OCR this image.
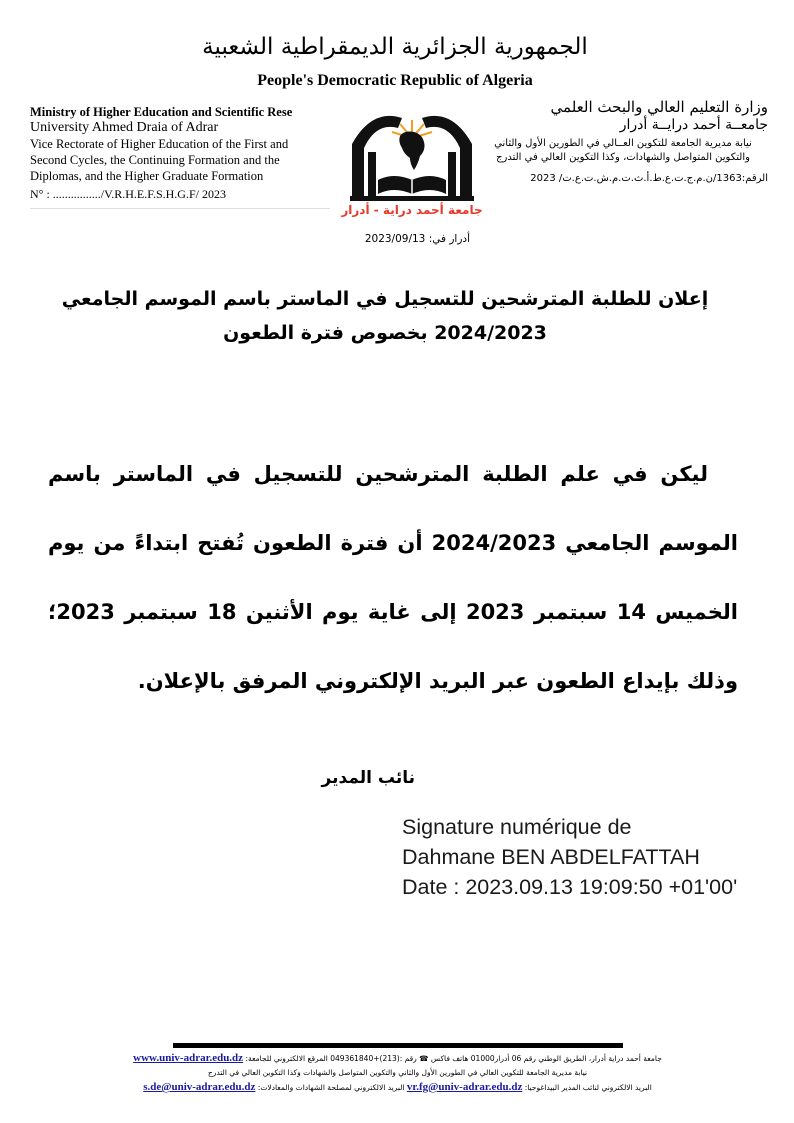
الجمهورية الجزائرية الديمقراطية الشعبية
People's Democratic Republic of Algeria
Ministry of Higher Education and Scientific Rese
University Ahmed Draia of Adrar
Vice Rectorate of Higher Education of the First and
Second Cycles, the Continuing Formation and the
Diplomas, and the Higher Graduate Formation
N° : ................/V.R.H.E.F.S.H.G.F/ 2023
جامعة أحمد دراية - أدرار
وزارة التعليم العالي والبحث العلمي
جامعــة أحمد درايــة أدرار
نيابة مديرية الجامعة للتكوين العــالي في الطورين الأول والثاني والتكوين المتواصل والشهادات، وكذا التكوين العالي في التدرج
الرقم:1363/ن.م.ج.ت.ع.ط.أ.ث.ت.م.ش.ت.ع.ت/ 2023
أدرار في: 2023/09/13
إعلان للطلبة المترشحين للتسجيل في الماستر باسم الموسم الجامعي
2024/2023 بخصوص فترة الطعون
ليكن في علم الطلبة المترشحين للتسجيل في الماستر باسم الموسم الجامعي 2024/2023 أن فترة الطعون تُفتح ابتداءً من يوم الخميس 14 سبتمبر 2023 إلى غاية يوم الأثنين 18 سبتمبر 2023؛ وذلك بإيداع الطعون عبر البريد الإلكتروني المرفق بالإعلان.
نائب المدير
Signature numérique de
Dahmane BEN ABDELFATTAH
Date : 2023.09.13 19:09:50 +01'00'
جامعة أحمد دراية أدرار، الطريق الوطني رقم 06 أدرار01000 هاتف فاكس ☎ رقم :(213)+049361840 المرقع الالكتروني للجامعة: www.univ-adrar.edu.dz
نيابة مديرية الجامعة للتكوين العالي في الطورين الأول والثاني والتكوين المتواصل والشهادات وكذا التكوين العالي في التدرج
البريد الالكتروني لنائب المدير البيداغوجيا: vr.fg@univ-adrar.edu.dz البريد الالكتروني لمصلحة الشهادات والمعادلات: s.de@univ-adrar.edu.dz
